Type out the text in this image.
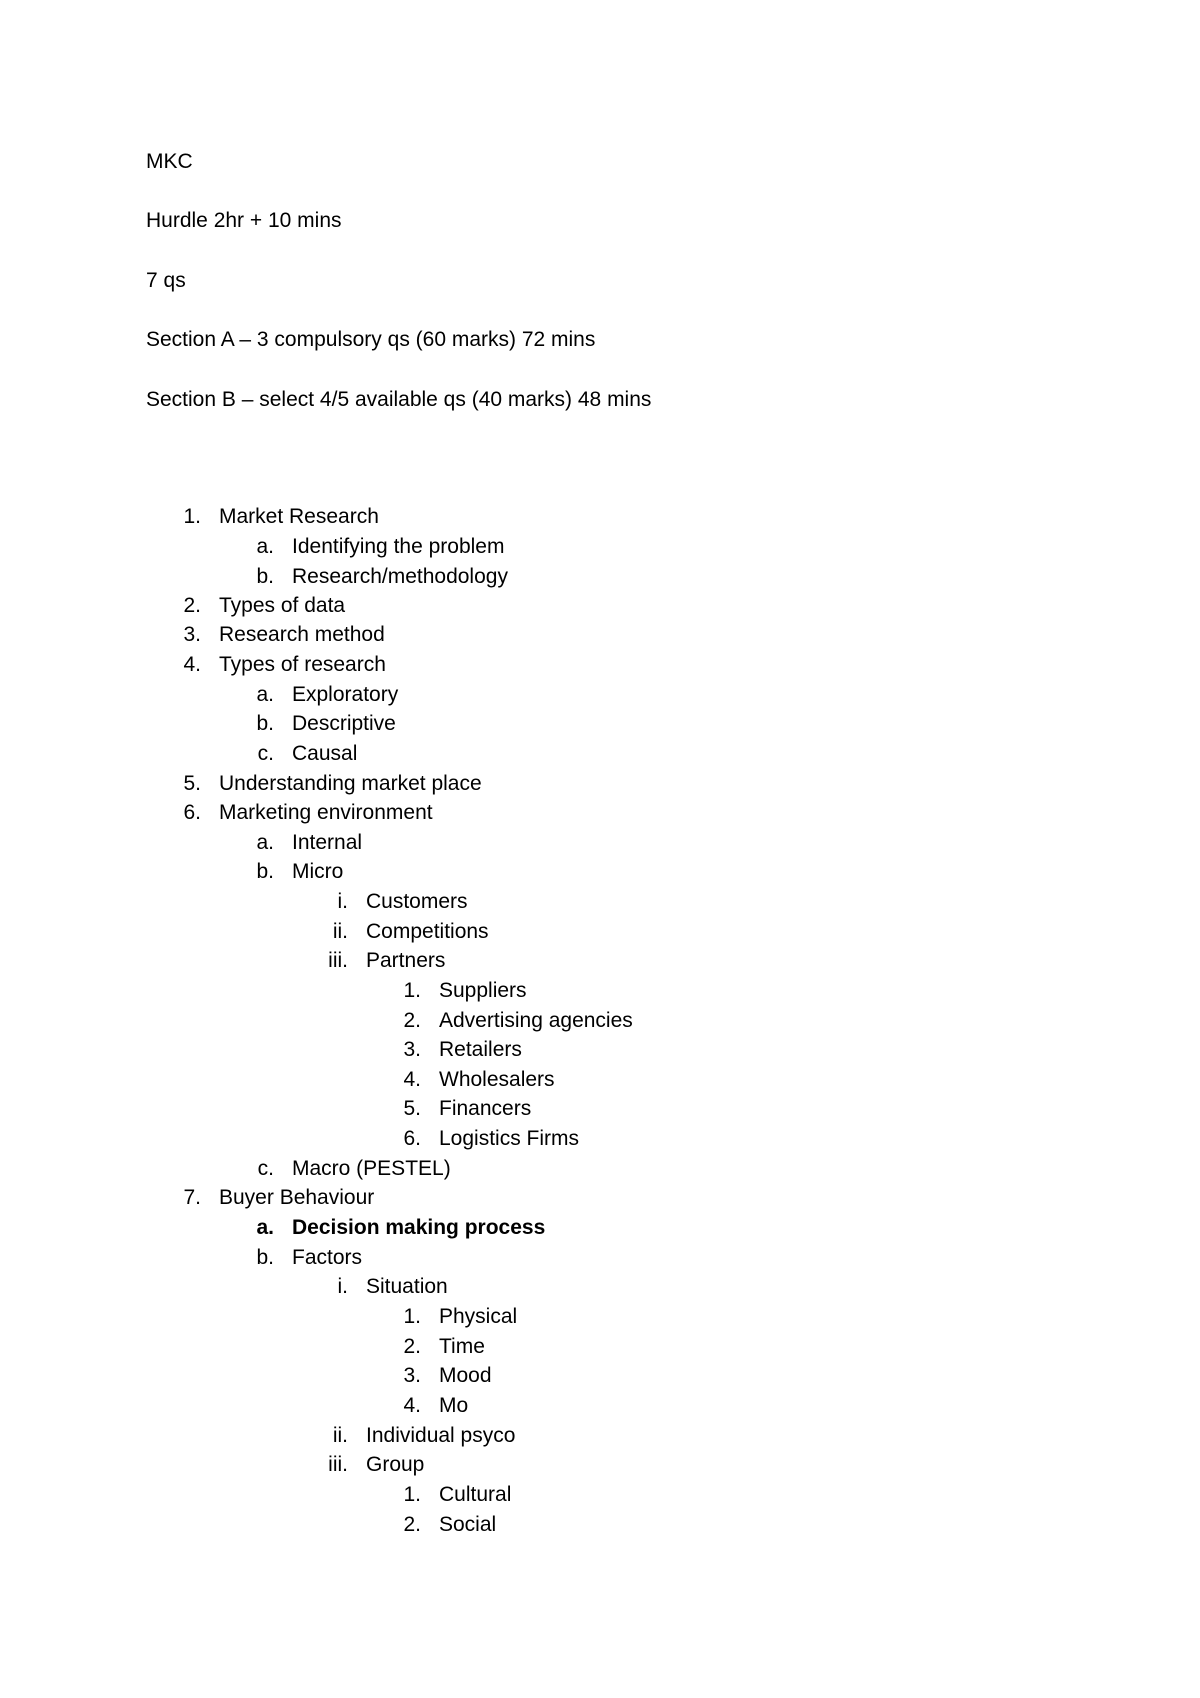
MKC
Hurdle 2hr + 10 mins
7 qs
Section A – 3 compulsory qs (60 marks) 72 mins
Section B – select 4/5 available qs (40 marks) 48 mins
1. Market Research
a. Identifying the problem
b. Research/methodology
2. Types of data
3. Research method
4. Types of research
a. Exploratory
b. Descriptive
c. Causal
5. Understanding market place
6. Marketing environment
a. Internal
b. Micro
i. Customers
ii. Competitions
iii. Partners
1. Suppliers
2. Advertising agencies
3. Retailers
4. Wholesalers
5. Financers
6. Logistics Firms
c. Macro (PESTEL)
7. Buyer Behaviour
a. Decision making process
b. Factors
i. Situation
1. Physical
2. Time
3. Mood
4. Mo
ii. Individual psyco
iii. Group
1. Cultural
2. Social
